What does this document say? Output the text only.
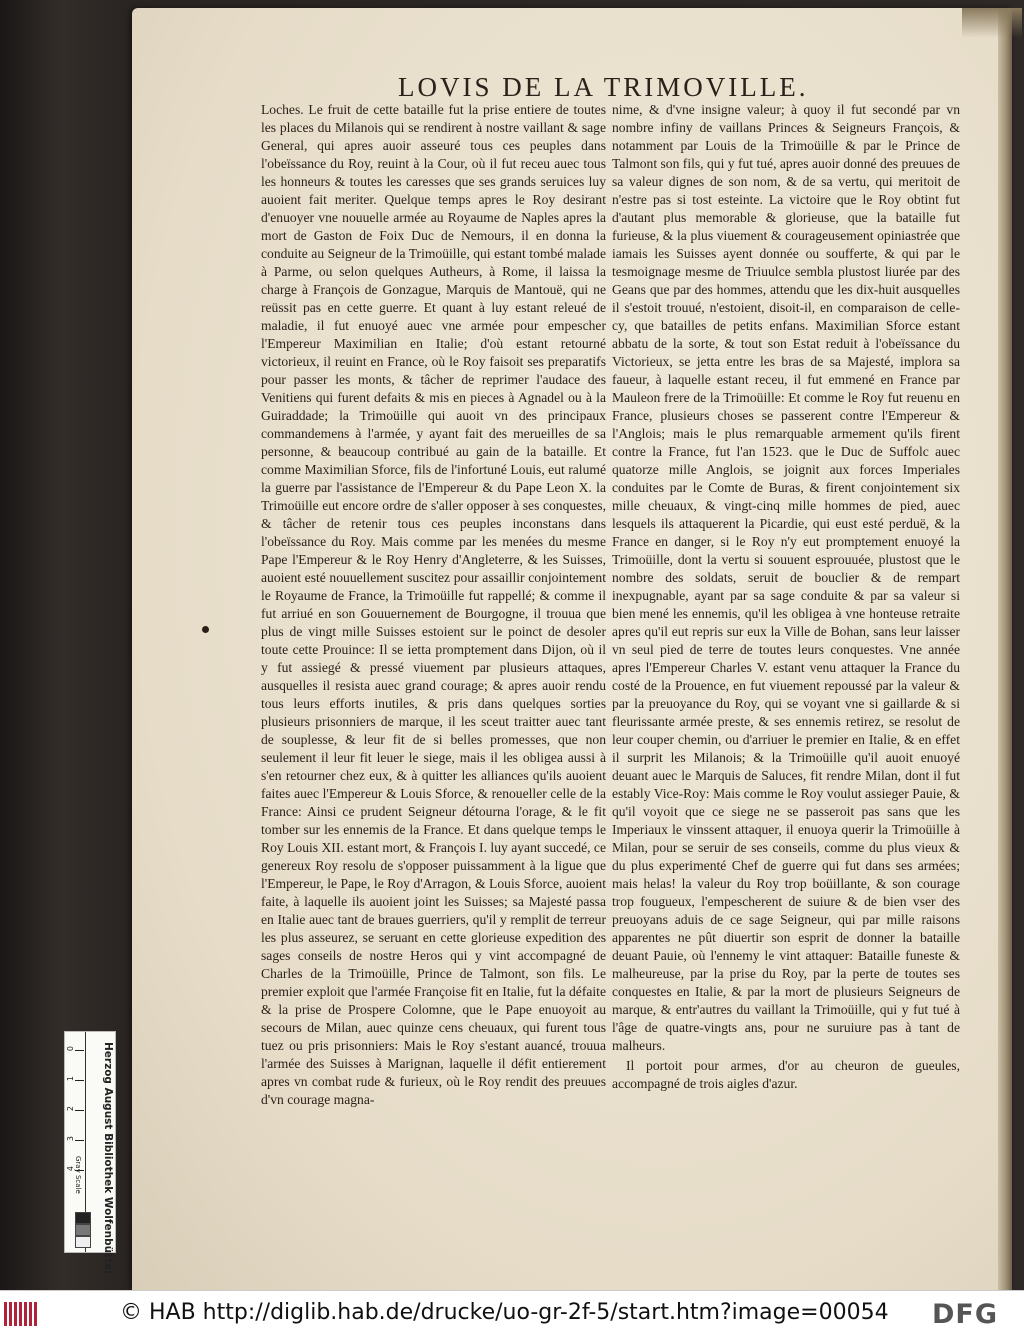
LOVIS DE LA TRIMOVILLE.

Loches. Le fruit de cette bataille fut la prise entiere de toutes les places du Milanois qui se rendirent à nostre vaillant & sage General, qui apres auoir asseuré tous ces peuples dans l'obeïssance du Roy, reuint à la Cour, où il fut receu auec tous les honneurs & toutes les caresses que ses grands seruices luy auoient fait meriter. Quelque temps apres le Roy desirant d'enuoyer vne nouuelle armée au Royaume de Naples apres la mort de Gaston de Foix Duc de Nemours, il en donna la conduite au Seigneur de la Trimoüille, qui estant tombé malade à Parme, ou selon quelques Autheurs, à Rome, il laissa la charge à François de Gonzague, Marquis de Mantouë, qui ne reüssit pas en cette guerre. Et quant à luy estant releué de maladie, il fut enuoyé auec vne armée pour empescher l'Empereur Maximilian en Italie; d'où estant retourné victorieux, il reuint en France, où le Roy faisoit ses preparatifs pour passer les monts, & tâcher de reprimer l'audace des Venitiens qui furent defaits & mis en pieces à Agnadel ou à la Guiraddade; la Trimoüille qui auoit vn des principaux commandemens à l'armée, y ayant fait des merueilles de sa personne, & beaucoup contribué au gain de la bataille. Et comme Maximilian Sforce, fils de l'infortuné Louis, eut ralumé la guerre par l'assistance de l'Empereur & du Pape Leon X. la Trimoüille eut encore ordre de s'aller opposer à ses conquestes, & tâcher de retenir tous ces peuples inconstans dans l'obeïssance du Roy. Mais comme par les menées du mesme Pape l'Empereur & le Roy Henry d'Angleterre, & les Suisses, auoient esté nouuellement suscitez pour assaillir conjointement le Royaume de France, la Trimoüille fut rappellé; & comme il fut arriué en son Gouuernement de Bourgogne, il trouua que plus de vingt mille Suisses estoient sur le poinct de desoler toute cette Prouince: Il se ietta promptement dans Dijon, où il y fut assiegé & pressé viuement par plusieurs attaques, ausquelles il resista auec grand courage; & apres auoir rendu tous leurs efforts inutiles, & pris dans quelques sorties plusieurs prisonniers de marque, il les sceut traitter auec tant de souplesse, & leur fit de si belles promesses, que non seulement il leur fit leuer le siege, mais il les obligea aussi à s'en retourner chez eux, & à quitter les alliances qu'ils auoient faites auec l'Empereur & Louis Sforce, & renoueller celle de la France: Ainsi ce prudent Seigneur détourna l'orage, & le fit tomber sur les ennemis de la France. Et dans quelque temps le Roy Louis XII. estant mort, & François I. luy ayant succedé, ce genereux Roy resolu de s'opposer puissamment à la ligue que l'Empereur, le Pape, le Roy d'Arragon, & Louis Sforce, auoient faite, à laquelle ils auoient joint les Suisses; sa Majesté passa en Italie auec tant de braues guerriers, qu'il y remplit de terreur les plus asseurez, se seruant en cette glorieuse expedition des sages conseils de nostre Heros qui y vint accompagné de Charles de la Trimoüille, Prince de Talmont, son fils. Le premier exploit que l'armée Françoise fit en Italie, fut la défaite & la prise de Prospere Colomne, que le Pape enuoyoit au secours de Milan, auec quinze cens cheuaux, qui furent tous tuez ou pris prisonniers: Mais le Roy s'estant auancé, trouua l'armée des Suisses à Marignan, laquelle il défit entierement apres vn combat rude & furieux, où le Roy rendit des preuues d'vn courage magna-

nime, & d'vne insigne valeur; à quoy il fut secondé par vn nombre infiny de vaillans Princes & Seigneurs François, & notamment par Louis de la Trimoüille & par le Prince de Talmont son fils, qui y fut tué, apres auoir donné des preuues de sa valeur dignes de son nom, & de sa vertu, qui meritoit de n'estre pas si tost esteinte. La victoire que le Roy obtint fut d'autant plus memorable & glorieuse, que la bataille fut furieuse, & la plus viuement & courageusement opiniastrée que iamais les Suisses ayent donnée ou soufferte, & qui par le tesmoignage mesme de Triuulce sembla plustost liurée par des Geans que par des hommes, attendu que les dix-huit ausquelles il s'estoit trouué, n'estoient, disoit-il, en comparaison de celle-cy, que batailles de petits enfans. Maximilian Sforce estant abbatu de la sorte, & tout son Estat reduit à l'obeïssance du Victorieux, se jetta entre les bras de sa Majesté, implora sa faueur, à laquelle estant receu, il fut emmené en France par Mauleon frere de la Trimoüille: Et comme le Roy fut reuenu en France, plusieurs choses se passerent contre l'Empereur & l'Anglois; mais le plus remarquable armement qu'ils firent contre la France, fut l'an 1523. que le Duc de Suffolc auec quatorze mille Anglois, se joignit aux forces Imperiales conduites par le Comte de Buras, & firent conjointement six mille cheuaux, & vingt-cinq mille hommes de pied, auec lesquels ils attaquerent la Picardie, qui eust esté perduë, & la France en danger, si le Roy n'y eut promptement enuoyé la Trimoüille, dont la vertu si souuent esprouuée, plustost que le nombre des soldats, seruit de bouclier & de rempart inexpugnable, ayant par sa sage conduite & par sa valeur si bien mené les ennemis, qu'il les obligea à vne honteuse retraite apres qu'il eut repris sur eux la Ville de Bohan, sans leur laisser vn seul pied de terre de toutes leurs conquestes. Vne année apres l'Empereur Charles V. estant venu attaquer la France du costé de la Prouence, en fut viuement repoussé par la valeur & par la preuoyance du Roy, qui se voyant vne si gaillarde & si fleurissante armée preste, & ses ennemis retirez, se resolut de leur couper chemin, ou d'arriuer le premier en Italie, & en effet il surprit les Milanois; & la Trimoüille qu'il auoit enuoyé deuant auec le Marquis de Saluces, fit rendre Milan, dont il fut estably Vice-Roy: Mais comme le Roy voulut assieger Pauie, & qu'il voyoit que ce siege ne se passeroit pas sans que les Imperiaux le vinssent attaquer, il enuoya querir la Trimoüille à Milan, pour se seruir de ses conseils, comme du plus vieux & du plus experimenté Chef de guerre qui fut dans ses armées; mais helas! la valeur du Roy trop boüillante, & son courage trop fougueux, l'empescherent de suiure & de bien vser des preuoyans aduis de ce sage Seigneur, qui par mille raisons apparentes ne pût diuertir son esprit de donner la bataille deuant Pauie, où l'ennemy le vint attaquer: Bataille funeste & malheureuse, par la prise du Roy, par la perte de toutes ses conquestes en Italie, & par la mort de plusieurs Seigneurs de marque, & entr'autres du vaillant la Trimoüille, qui y fut tué à l'âge de quatre-vingts ans, pour ne suruiure pas à tant de malheurs.

Il portoit pour armes, d'or au cheuron de gueules, accompagné de trois aigles d'azur.

0
1
2
3
4	Herzog August Bibliothek Wolfenbüttel
Gray Scale
© HAB http://diglib.hab.de/drucke/uo-gr-2f-5/start.htm?image=00054 DFG
